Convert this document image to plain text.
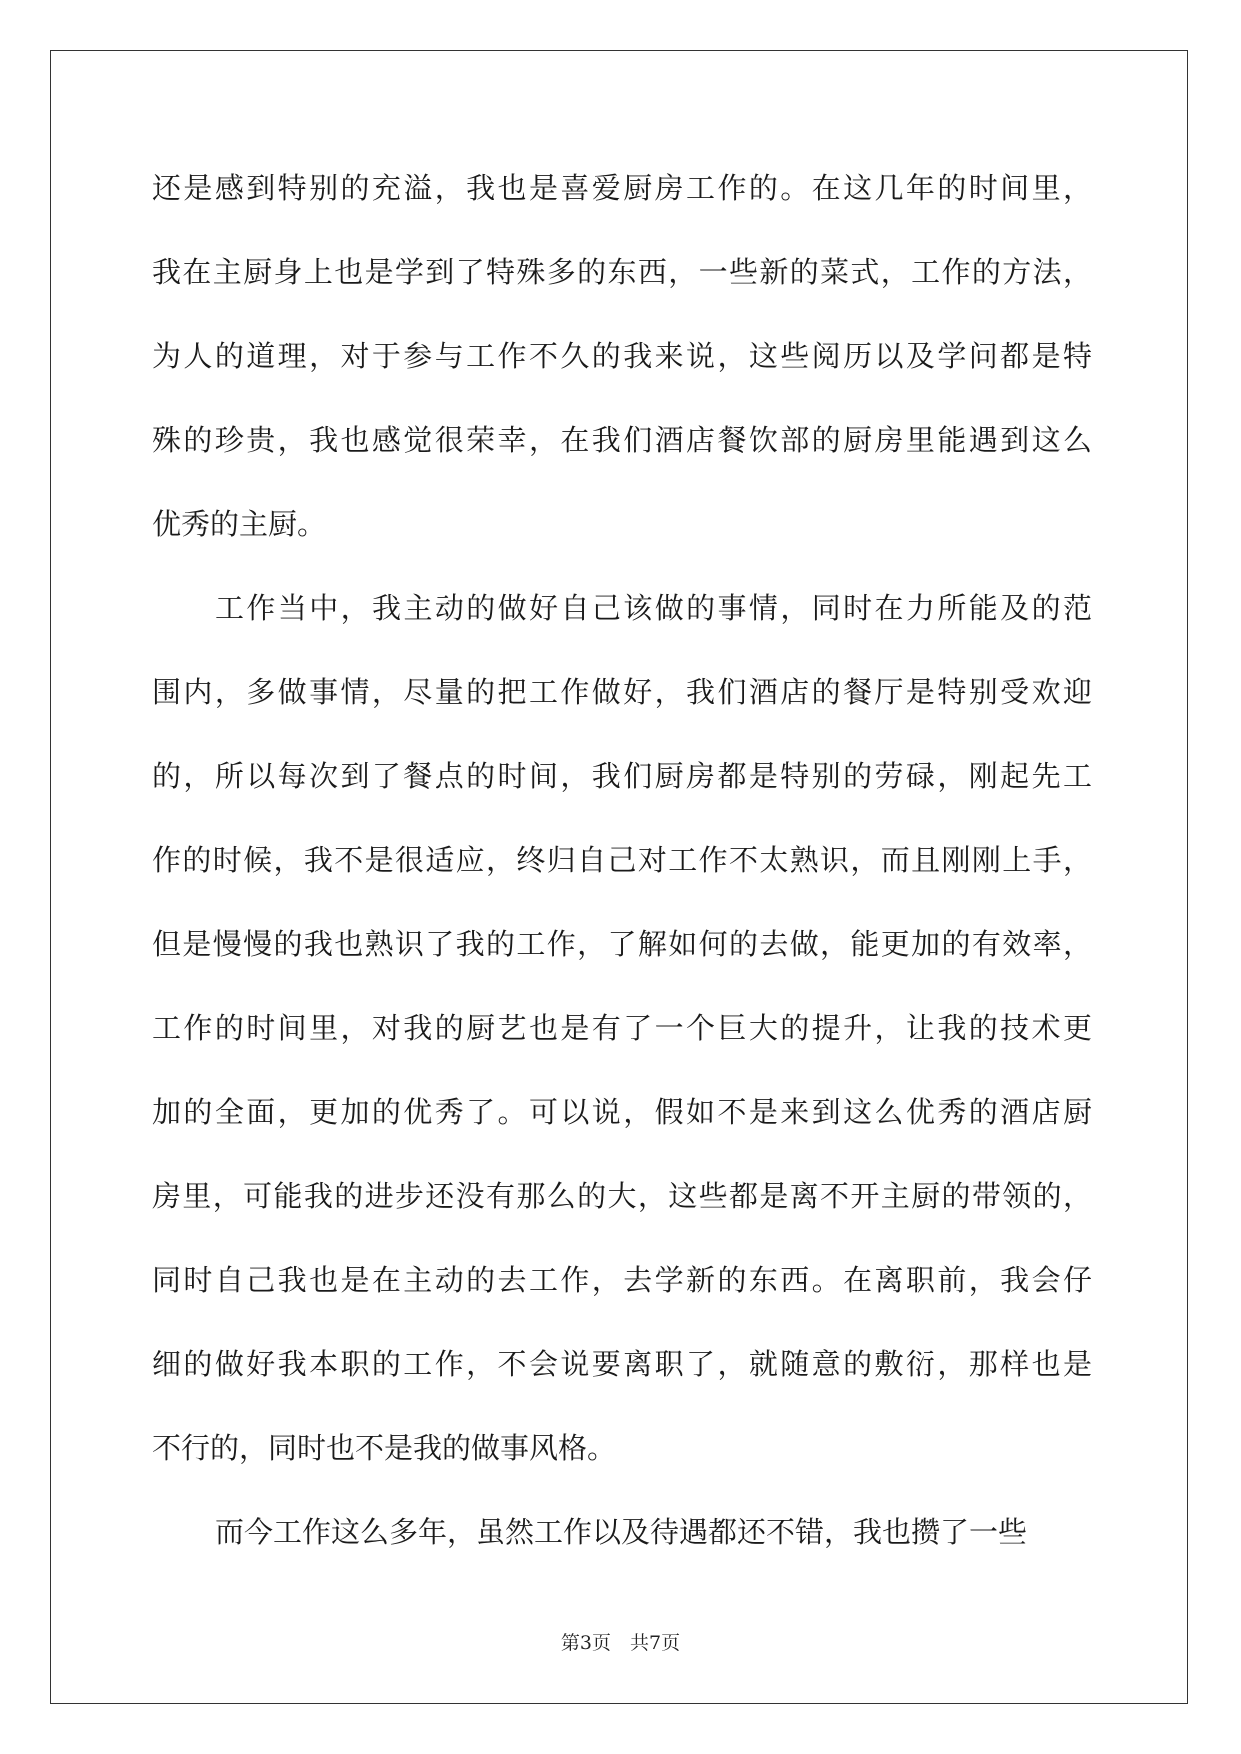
还是感到特别的充溢，我也是喜爱厨房工作的。在这几年的时间里，
我在主厨身上也是学到了特殊多的东西，一些新的菜式，工作的方法，
为人的道理，对于参与工作不久的我来说，这些阅历以及学问都是特
殊的珍贵，我也感觉很荣幸，在我们酒店餐饮部的厨房里能遇到这么
优秀的主厨。
工作当中，我主动的做好自己该做的事情，同时在力所能及的范
围内，多做事情，尽量的把工作做好，我们酒店的餐厅是特别受欢迎
的，所以每次到了餐点的时间，我们厨房都是特别的劳碌，刚起先工
作的时候，我不是很适应，终归自己对工作不太熟识，而且刚刚上手，
但是慢慢的我也熟识了我的工作，了解如何的去做，能更加的有效率，
工作的时间里，对我的厨艺也是有了一个巨大的提升，让我的技术更
加的全面，更加的优秀了。可以说，假如不是来到这么优秀的酒店厨
房里，可能我的进步还没有那么的大，这些都是离不开主厨的带领的，
同时自己我也是在主动的去工作，去学新的东西。在离职前，我会仔
细的做好我本职的工作，不会说要离职了，就随意的敷衍，那样也是
不行的，同时也不是我的做事风格。
而今工作这么多年，虽然工作以及待遇都还不错，我也攒了一些
第3页　共7页
